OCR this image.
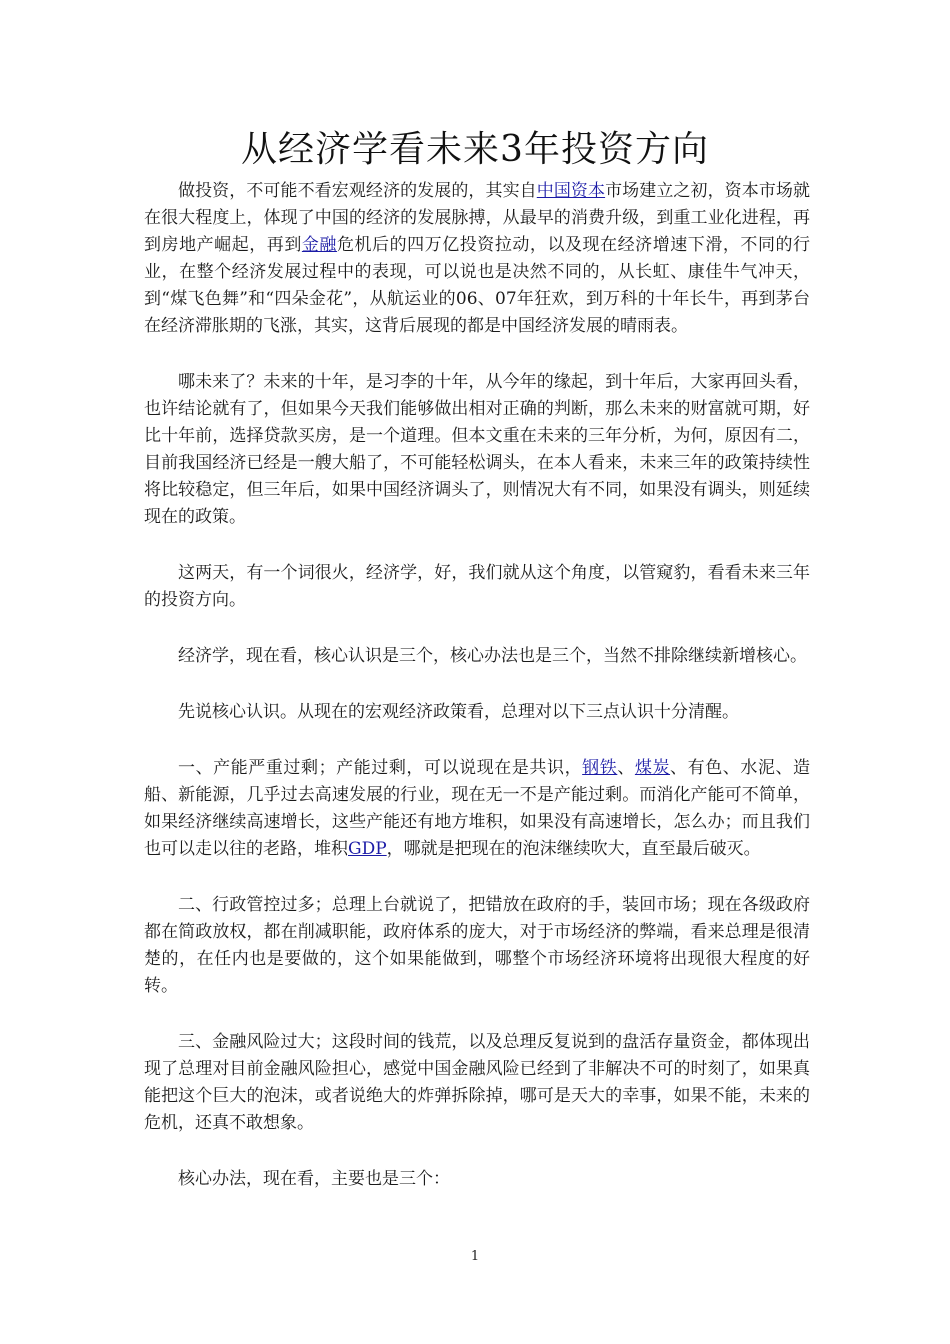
从经济学看未来3年投资方向

做投资，不可能不看宏观经济的发展的，其实自中国资本市场建立之初，资本市场就在很大程度上，体现了中国的经济的发展脉搏，从最早的消费升级，到重工业化进程，再到房地产崛起，再到金融危机后的四万亿投资拉动，以及现在经济增速下滑，不同的行业，在整个经济发展过程中的表现，可以说也是决然不同的，从长虹、康佳牛气冲天，到“煤飞色舞”和“四朵金花”，从航运业的06、07年狂欢，到万科的十年长牛，再到茅台在经济滞胀期的飞涨，其实，这背后展现的都是中国经济发展的晴雨表。

哪未来了？未来的十年，是习李的十年，从今年的缘起，到十年后，大家再回头看，也许结论就有了，但如果今天我们能够做出相对正确的判断，那么未来的财富就可期，好比十年前，选择贷款买房，是一个道理。但本文重在未来的三年分析，为何，原因有二，目前我国经济已经是一艘大船了，不可能轻松调头，在本人看来，未来三年的政策持续性将比较稳定，但三年后，如果中国经济调头了，则情况大有不同，如果没有调头，则延续现在的政策。

这两天，有一个词很火，经济学，好，我们就从这个角度，以管窥豹，看看未来三年的投资方向。

经济学，现在看，核心认识是三个，核心办法也是三个，当然不排除继续新增核心。

先说核心认识。从现在的宏观经济政策看，总理对以下三点认识十分清醒。

一、产能严重过剩；产能过剩，可以说现在是共识，钢铁、煤炭、有色、水泥、造船、新能源，几乎过去高速发展的行业，现在无一不是产能过剩。而消化产能可不简单，如果经济继续高速增长，这些产能还有地方堆积，如果没有高速增长，怎么办；而且我们也可以走以往的老路，堆积GDP，哪就是把现在的泡沫继续吹大，直至最后破灭。

二、行政管控过多；总理上台就说了，把错放在政府的手，装回市场；现在各级政府都在简政放权，都在削减职能，政府体系的庞大，对于市场经济的弊端，看来总理是很清楚的，在任内也是要做的，这个如果能做到，哪整个市场经济环境将出现很大程度的好转。

三、金融风险过大；这段时间的钱荒，以及总理反复说到的盘活存量资金，都体现出现了总理对目前金融风险担心，感觉中国金融风险已经到了非解决不可的时刻了，如果真能把这个巨大的泡沫，或者说绝大的炸弹拆除掉，哪可是天大的幸事，如果不能，未来的危机，还真不敢想象。

核心办法，现在看，主要也是三个：

1
